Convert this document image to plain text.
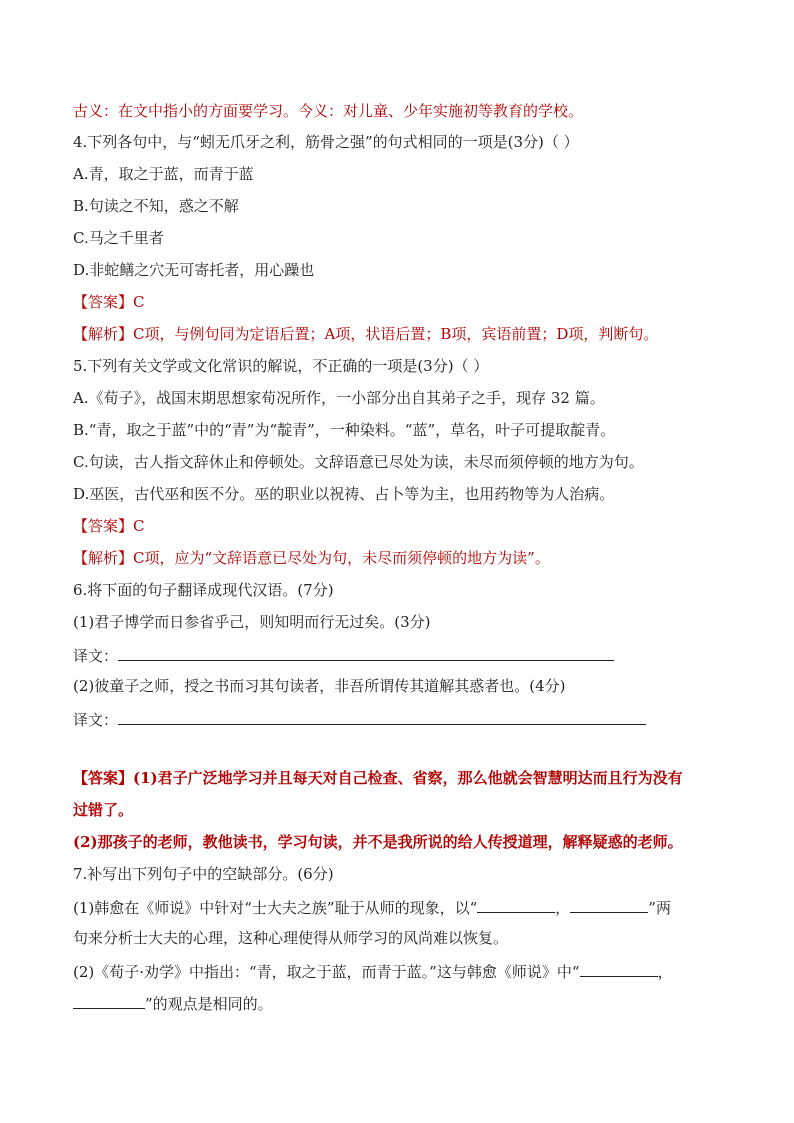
古义：在文中指小的方面要学习。今义：对儿童、少年实施初等教育的学校。
4.下列各句中，与“蚓无爪牙之利，筋骨之强”的句式相同的一项是(3分)（ ）
A.青，取之于蓝，而青于蓝
B.句读之不知，惑之不解
C.马之千里者
D.非蛇鳝之穴无可寄托者，用心躁也
【答案】C
【解析】C项，与例句同为定语后置；A项，状语后置；B项，宾语前置；D项，判断句。
5.下列有关文学或文化常识的解说，不正确的一项是(3分)（ ）
A.《荀子》，战国末期思想家荀况所作，一小部分出自其弟子之手，现存 32 篇。
B.“青，取之于蓝”中的“青”为“靛青”，一种染料。“蓝”，草名，叶子可提取靛青。
C.句读，古人指文辞休止和停顿处。文辞语意已尽处为读，未尽而须停顿的地方为句。
D.巫医，古代巫和医不分。巫的职业以祝祷、占卜等为主，也用药物等为人治病。
【答案】C
【解析】C项，应为“文辞语意已尽处为句，未尽而须停顿的地方为读”。
6.将下面的句子翻译成现代汉语。(7分)
(1)君子博学而日参省乎己，则知明而行无过矣。(3分)
译文：
(2)彼童子之师，授之书而习其句读者，非吾所谓传其道解其惑者也。(4分)
译文：
【答案】(1)君子广泛地学习并且每天对自己检查、省察，那么他就会智慧明达而且行为没有
过错了。
(2)那孩子的老师，教他读书，学习句读，并不是我所说的给人传授道理，解释疑惑的老师。
7.补写出下列句子中的空缺部分。(6分)
(1)韩愈在《师说》中针对“士大夫之族”耻于从师的现象，以“	，	”两
句来分析士大夫的心理，这种心理使得从师学习的风尚难以恢复。
(2)《荀子·劝学》中指出：“青，取之于蓝，而青于蓝。”这与韩愈《师说》中“	，
”的观点是相同的。
